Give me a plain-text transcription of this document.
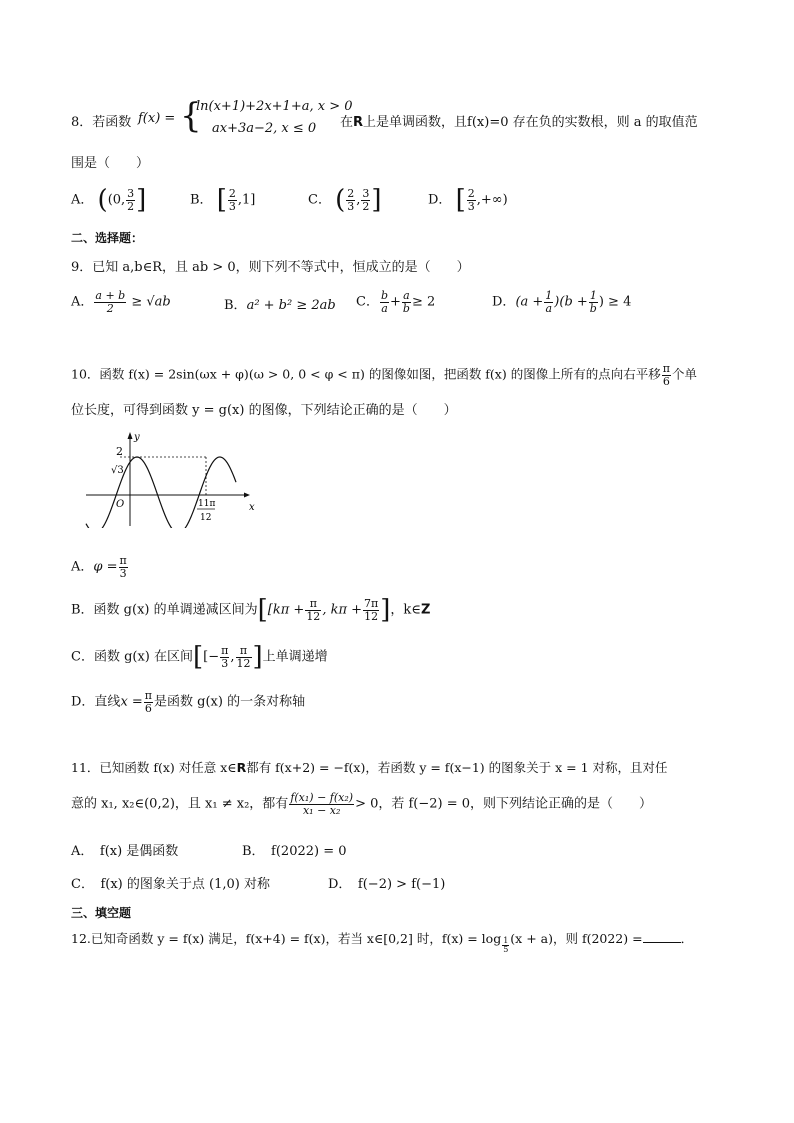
8．若函数 f(x) = {
ln(x+1)+2x+1+a, x > 0
ax+3a−2, x ≤ 0 在R上是单调函数，且f(x)=0 存在负的实数根，则 a 的取值范
围是（　　）
A． ((0, $\frac{3}{2}$ ]	B． [ $\frac{2}{3} ,1$]	C． ( $\frac{2}{3}$ , $\frac{3}{2}$ ]	D． [ $\frac{2}{3}$ ,+∞)
二、选择题：
9．已知 a,b∈R，且 ab > 0，则下列不等式中，恒成立的是（　　）
A． $\frac{a + b}{2} \ge √ab$	B．a² + b² ≥ 2ab C． $\frac{b}{a} + \frac{a}{b} \ge 2$	D．$(a + \frac{1}{a} )(b + \frac{1}{b}$ ) ≥ 4
10．函数 f(x) = 2sin(ωx + φ)(ω > 0, 0 < φ < π) 的图像如图，把函数 f(x) 的图像上所有的点向右平移 $\frac{\pi}{6}$ 个单
位长度，可得到函数 y = g(x) 的图像，下列结论正确的是（　　）
y
x
O
2
√3
11π
12
A．$\varphi = \frac{\pi}{3}$
B．函数 g(x) 的单调递减区间为[[$k\pi + \frac{\pi}{12}$ , $k\pi + \frac{7\pi}{12}$ ]，k∈Z
C．函数 g(x) 在区间[[− $\frac{\pi}{3}$ , $\frac{\pi}{12}$ ]上单调递增
D．直线$x = \frac{\pi}{6}$ 是函数 g(x) 的一条对称轴
11．已知函数 f(x) 对任意 x∈R都有 f(x+2) = −f(x)，若函数 y = f(x−1) 的图象关于 x = 1 对称，且对任
意的 x₁, x₂∈(0,2)，且 x₁ ≠ x₂，都有 $\frac{\text{f(x₁) − f(x₂)}}{\text{x₁ − x₂}} > 0$，若 f(−2) = 0，则下列结论正确的是（　　）
A．　f(x) 是偶函数	B．　f(2022) = 0
C．　f(x) 的图象关于点 (1,0) 对称	D．　f(−2) > f(−1)
三、填空题
12.已知奇函数 y = f(x) 满足，f(x+4) = f(x)，若当 x∈[0,2] 时，$f(x) = \log \frac{1}{5} (x + a)$，则 f(2022) =	．
